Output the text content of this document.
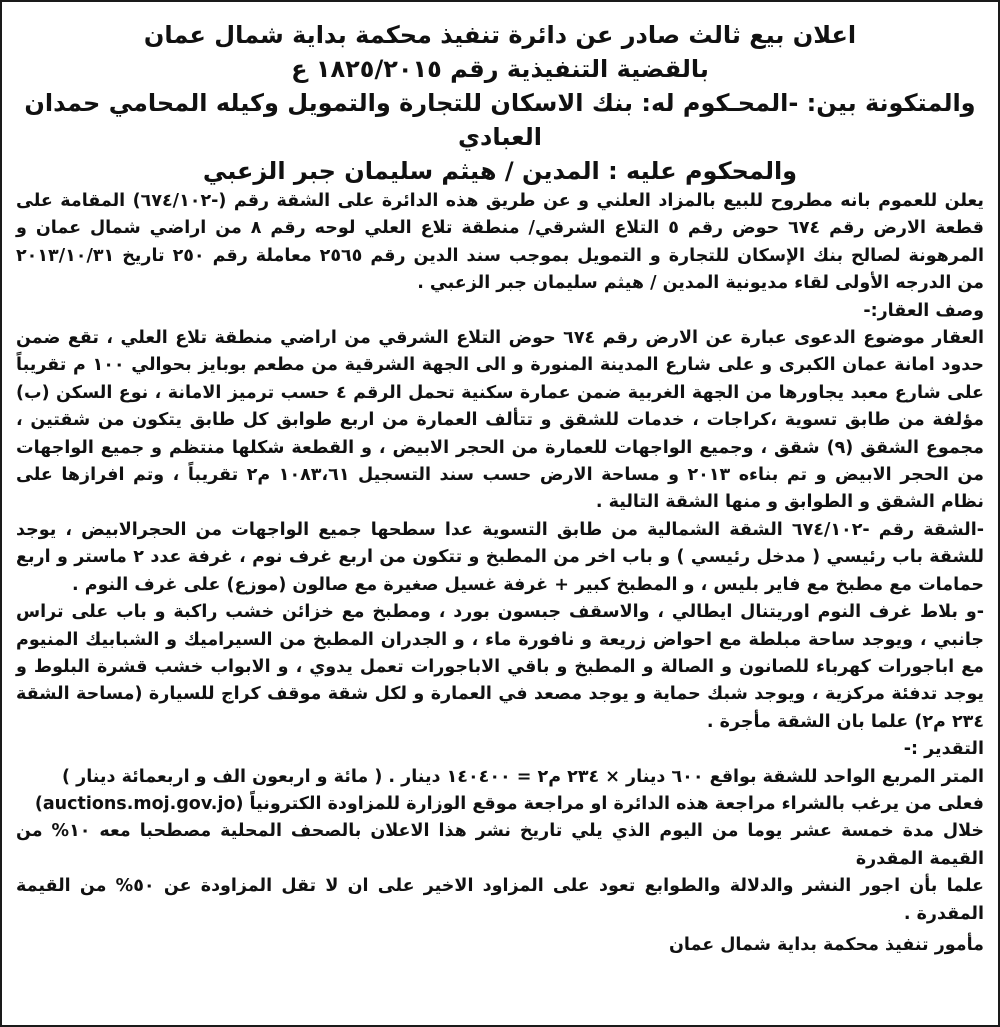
اعلان بيع ثالث صادر عن دائرة تنفيذ محكمة بداية شمال عمان
بالقضية التنفيذية رقم ١٨٢٥/٢٠١٥ ع
والمتكونة بين: -المحـكوم له: بنك الاسكان للتجارة والتمويل وكيله المحامي حمدان العبادي
والمحكوم عليه : المدين / هيثم سليمان جبر الزعبي

يعلن للعموم بانه مطروح للبيع بالمزاد العلني و عن طريق هذه الدائرة على الشقة رقم (-٦٧٤/١٠٢) المقامة على قطعة الارض رقم ٦٧٤ حوض رقم ٥ التلاع الشرقي/ منطقة تلاع العلي لوحه رقم ٨ من اراضي شمال عمان و المرهونة لصالح بنك الإسكان للتجارة و التمويل بموجب سند الدين رقم ٢٥٦٥ معاملة رقم ٢٥٠ تاريخ ٢٠١٣/١٠/٣١ من الدرجه الأولى لقاء مديونية المدين / هيثم سليمان جبر الزعبي .

وصف العقار:-

العقار موضوع الدعوى عبارة عن الارض رقم ٦٧٤ حوض التلاع الشرقي من اراضي منطقة تلاع العلي ، تقع ضمن حدود امانة عمان الكبرى و على شارع المدينة المنورة و الى الجهة الشرقية من مطعم بوبايز بحوالي ١٠٠ م تقريباً على شارع معبد يجاورها من الجهة الغربية ضمن عمارة سكنية تحمل الرقم ٤ حسب ترميز الامانة ، نوع السكن (ب) مؤلفة من طابق تسوية ،كراجات ، خدمات للشقق و تتألف العمارة من اربع طوابق كل طابق يتكون من شقتين ، مجموع الشقق (٩) شقق ، وجميع الواجهات للعمارة من الحجر الابيض ، و القطعة شكلها منتظم و جميع الواجهات من الحجر الابيض و تم بناءه ٢٠١٣ و مساحة الارض حسب سند التسجيل ١٠٨٣،٦١ م٢ تقريباً ، وتم افرازها على نظام الشقق و الطوابق و منها الشقة التالية .

-الشقة رقم -٦٧٤/١٠٢ الشقة الشمالية من طابق التسوية عدا سطحها جميع الواجهات من الحجرالابيض ، يوجد للشقة باب رئيسي ( مدخل رئيسي ) و باب اخر من المطبخ و تتكون من اربع غرف نوم ، غرفة عدد ٢ ماستر و اربع حمامات مع مطبخ مع فاير بليس ، و المطبخ كبير + غرفة غسيل صغيرة مع صالون (موزع) على غرف النوم .

-و بلاط غرف النوم اوريتنال ايطالي ، والاسقف جبسون بورد ، ومطبخ مع خزائن خشب راكبة و باب على تراس جانبي ، ويوجد ساحة مبلطة مع احواض زريعة و نافورة ماء ، و الجدران المطبخ من السيراميك و الشبابيك المنيوم مع اباجورات كهرباء للصانون و الصالة و المطبخ و باقي الاباجورات تعمل يدوي ، و الابواب خشب قشرة البلوط و يوجد تدفئة مركزية ، ويوجد شبك حماية و يوجد مصعد في العمارة و لكل شقة موقف كراج للسيارة (مساحة الشقة ٢٣٤ م٢) علما بان الشقة مأجرة .

التقدير :-

المتر المربع الواحد للشقة بواقع ٦٠٠ دينار × ٢٣٤ م٢ = ١٤٠٤٠٠ دينار . ( مائة و اربعون الف و اربعمائة دينار )

فعلى من يرغب بالشراء مراجعة هذه الدائرة او مراجعة موقع الوزارة للمزاودة الكترونياً (auctions.moj.gov.jo)

خلال مدة خمسة عشر يوما من اليوم الذي يلي تاريخ نشر هذا الاعلان بالصحف المحلية مصطحبا معه ١٠% من القيمة المقدرة

علما بأن اجور النشر والدلالة والطوابع تعود على المزاود الاخير على ان لا تقل المزاودة عن ٥٠% من القيمة المقدرة .

مأمور تنفيذ محكمة بداية شمال عمان
